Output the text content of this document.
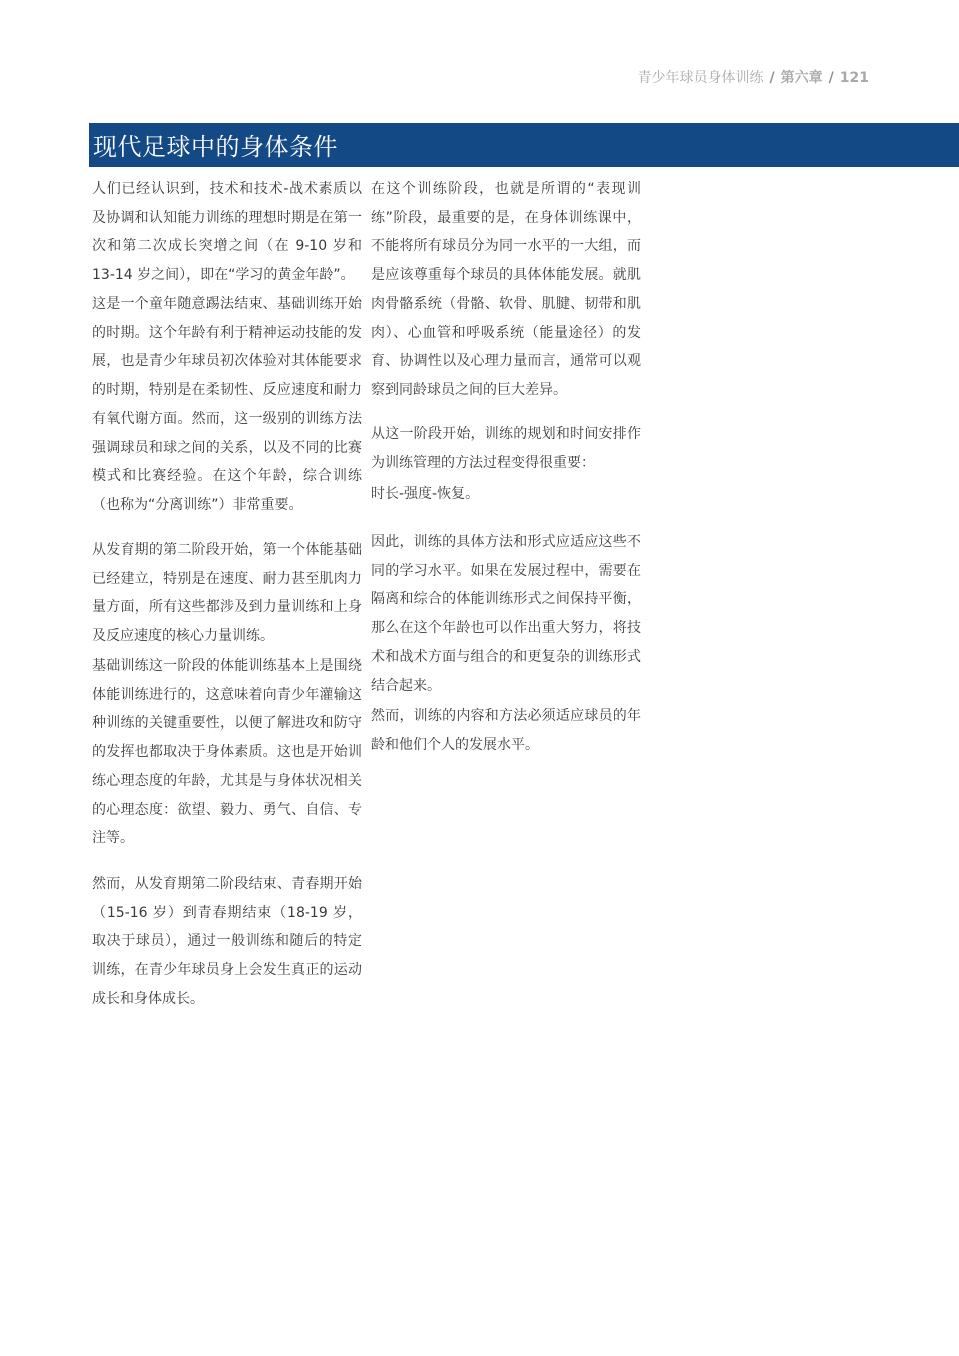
青少年球员身体训练 / 第六章 / 121
现代足球中的身体条件

人们已经认识到，技术和技术-战术素质以及协调和认知能力训练的理想时期是在第一次和第二次成长突增之间（在 9-10 岁和 13-14 岁之间），即在“学习的黄金年龄”。

这是一个童年随意踢法结束、基础训练开始的时期。这个年龄有利于精神运动技能的发展，也是青少年球员初次体验对其体能要求的时期，特别是在柔韧性、反应速度和耐力有氧代谢方面。然而，这一级别的训练方法强调球员和球之间的关系，以及不同的比赛模式和比赛经验。在这个年龄，综合训练（也称为“分离训练”）非常重要。

从发育期的第二阶段开始，第一个体能基础已经建立，特别是在速度、耐力甚至肌肉力量方面，所有这些都涉及到力量训练和上身及反应速度的核心力量训练。

基础训练这一阶段的体能训练基本上是围绕体能训练进行的，这意味着向青少年灌输这种训练的关键重要性，以便了解进攻和防守的发挥也都取决于身体素质。这也是开始训练心理态度的年龄，尤其是与身体状况相关的心理态度：欲望、毅力、勇气、自信、专注等。

然而，从发育期第二阶段结束、青春期开始（15-16 岁）到青春期结束（18-19 岁，取决于球员），通过一般训练和随后的特定训练，在青少年球员身上会发生真正的运动成长和身体成长。

在这个训练阶段，也就是所谓的“表现训练”阶段，最重要的是，在身体训练课中，不能将所有球员分为同一水平的一大组，而是应该尊重每个球员的具体体能发展。就肌肉骨骼系统（骨骼、软骨、肌腱、韧带和肌肉）、心血管和呼吸系统（能量途径）的发育、协调性以及心理力量而言，通常可以观察到同龄球员之间的巨大差异。

从这一阶段开始，训练的规划和时间安排作为训练管理的方法过程变得很重要：

时长-强度-恢复。

因此，训练的具体方法和形式应适应这些不同的学习水平。如果在发展过程中，需要在隔离和综合的体能训练形式之间保持平衡，那么在这个年龄也可以作出重大努力，将技术和战术方面与组合的和更复杂的训练形式结合起来。

然而，训练的内容和方法必须适应球员的年龄和他们个人的发展水平。
